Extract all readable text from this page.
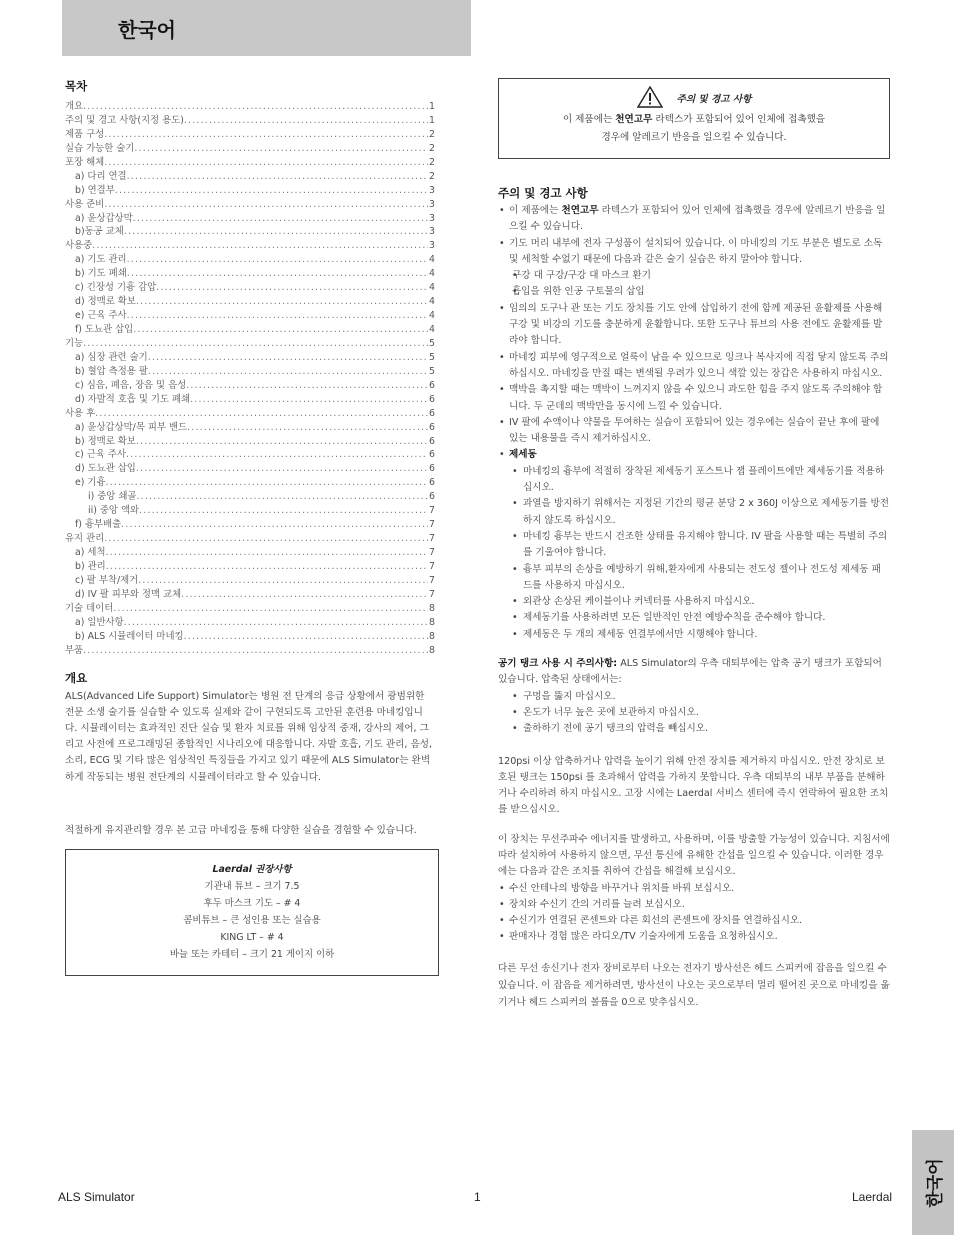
한국어
목차
개요 .....	1
주의 및 경고 사항(지정 용도) .....	1
제품 구성 .....	2
실습 가능한 술기 .....	2
포장 해체 .....	2
a) 다리 연결 .....	2
b) 연결부 .....	3
사용 준비 .....	3
a) 윤상갑상막 .....	3
b)동공 교체 .....	3
사용중 .....	3
a) 기도 관리 .....	4
b) 기도 폐쇄 .....	4
c) 긴장성 기흉 감압 .....	4
d) 정맥로 확보 .....	4
e) 근육 주사 .....	4
f) 도뇨관 삽입 .....	4
기능 .....	5
a) 심장 관련 술기 .....	5
b) 혈압 측정용 팔 .....	5
c) 심음, 폐음, 장음 및 음성 .....	6
d) 자발적 호흡 및 기도 폐쇄 .....	6
사용 후 .....	6
a) 윤상갑상막/목 피부 밴드 .....	6
b) 정맥로 확보 .....	6
c) 근육 주사 .....	6
d) 도뇨관 삽입 .....	6
e) 기흉 .....	6
i) 중앙 쇄골 .....	6
ii) 중앙 액와 .....	7
f) 흉부배출 .....	7
유지 관리 .....	7
a) 세척 .....	7
b) 관리 .....	7
c) 팔 부착/제거 .....	7
d) IV 팔 피부와 정맥 교체 .....	7
기술 데이터 .....	8
a) 일반사항 .....	8
b) ALS 시뮬레이터 마네킹 .....	8
부품 .....	8
개요

ALS(Advanced Life Support) Simulator는 병원 전 단계의 응급 상황에서 광범위한 전문 소생 술기를 실습할 수 있도록 실제와 같이 구현되도록 고안된 훈련용 마네킹입니다. 시뮬레이터는 효과적인 진단 실습 및 환자 치료를 위해 임상적 중재, 강사의 제어, 그리고 사전에 프로그래밍된 종합적인 시나리오에 대응합니다. 자발 호흡, 기도 관리, 음성, 소리, ECG 및 기타 많은 임상적인 특징들을 가지고 있기 때문에 ALS Simulator는 완벽하게 작동되는 병원 전단계의 시뮬레이터라고 할 수 있습니다.

적절하게 유지관리할 경우 본 고급 마네킹을 통해 다양한 실습을 경험할 수 있습니다.

Laerdal 권장사항
기관내 튜브 – 크기 7.5
후두 마스크 기도 – # 4
콤비튜브 – 큰 성인용 또는 실습용
KING LT – # 4
바늘 또는 카테터 – 크기 21 게이지 이하
주의 및 경고 사항
이 제품에는 천연고무 라텍스가 포함되어 있어 인체에 접촉했을
경우에 알레르기 반응을 일으킬 수 있습니다.
주의 및 경고 사항
• 이 제품에는 천연고무 라텍스가 포함되어 있어 인체에 접촉했을 경우에 알레르기 반응을 일으킬 수 있습니다.
• 기도 머리 내부에 전자 구성품이 설치되어 있습니다. 이 마네킹의 기도 부분은 별도로 소독 및 세척할 수없기 때문에 다음과 같은 술기 실습은 하지 말아야 합니다.
• 구강 대 구강/구강 대 마스크 환기
• 흡입을 위한 인공 구토물의 삽입
• 임의의 도구나 관 또는 기도 장치를 기도 안에 삽입하기 전에 함께 제공된 윤활제를 사용해 구강 및 비강의 기도를 충분하게 윤활합니다. 또한 도구나 튜브의 사용 전에도 윤활제를 발라야 합니다.
• 마네킹 피부에 영구적으로 얼룩이 남을 수 있으므로 잉크나 복사지에 직접 닿지 않도록 주의하십시오. 마네킹을 만질 때는 변색될 우려가 있으니 색깔 있는 장갑은 사용하지 마십시오.
• 맥박을 촉지할 때는 맥박이 느껴지지 않을 수 있으니 과도한 힘을 주지 않도록 주의해야 합니다. 두 군데의 맥박만을 동시에 느낄 수 있습니다.
• IV 팔에 수액이나 약물을 투여하는 실습이 포함되어 있는 경우에는 실습이 끝난 후에 팔에 있는 내용물을 즉시 제거하십시오.
• 제세동
• 마네킹의 흉부에 적절히 장착된 제세동기 포스트나 잽 플레이트에만 제세동기를 적용하십시오.
• 과열을 방지하기 위해서는 지정된 기간의 평균 분당 2 x 360J 이상으로 제세동기를 방전하지 않도록 하십시오.
• 마네킹 흉부는 반드시 건조한 상태를 유지해야 합니다. IV 팔을 사용할 때는 특별히 주의를 기울여야 합니다.
• 흉부 피부의 손상을 예방하기 위해,환자에게 사용되는 전도성 젤이나 전도성 제세동 패드를 사용하지 마십시오.
• 외관상 손상된 케이블이나 커넥터를 사용하지 마십시오.
• 제세동기를 사용하려면 모든 일반적인 안전 예방수칙을 준수해야 합니다.
• 제세동은 두 개의 제세동 연결부에서만 시행해야 합니다.

공기 탱크 사용 시 주의사항: ALS Simulator의 우측 대퇴부에는 압축 공기 탱크가 포함되어 있습니다. 압축된 상태에서는:

• 구멍을 뚫지 마십시오.
• 온도가 너무 높은 곳에 보관하지 마십시오.
• 출하하기 전에 공기 탱크의 압력을 빼십시오.

120psi 이상 압축하거나 압력을 높이기 위해 안전 장치를 제거하지 마십시오. 안전 장치로 보호된 탱크는 150psi 를 초과해서 압력을 가하지 못합니다. 우측 대퇴부의 내부 부품을 분해하거나 수리하려 하지 마십시오. 고장 시에는 Laerdal 서비스 센터에 즉시 연락하여 필요한 조치를 받으십시오.

이 장치는 무선주파수 에너지를 발생하고, 사용하며, 이를 방출할 가능성이 있습니다. 지침서에 따라 설치하여 사용하지 않으면, 무선 통신에 유해한 간섭을 일으킬 수 있습니다. 이러한 경우에는 다음과 같은 조치를 취하여 간섭을 해결해 보십시오.

• 수신 안테나의 방향을 바꾸거나 위치를 바꿔 보십시오.
• 장치와 수신기 간의 거리를 늘려 보십시오.
• 수신기가 연결된 콘센트와 다른 회선의 콘센트에 장치를 연결하십시오.
• 판매자나 경험 많은 라디오/TV 기술자에게 도움을 요청하십시오.

다른 무선 송신기나 전자 장비로부터 나오는 전자기 방사선은 헤드 스피커에 잡음을 일으킬 수 있습니다. 이 잡음을 제거하려면, 방사선이 나오는 곳으로부터 멀리 떨어진 곳으로 마네킹을 옮기거나 헤드 스피커의 볼륨을 0으로 맞추십시오.

ALS Simulator	1	Laerdal 한국어
